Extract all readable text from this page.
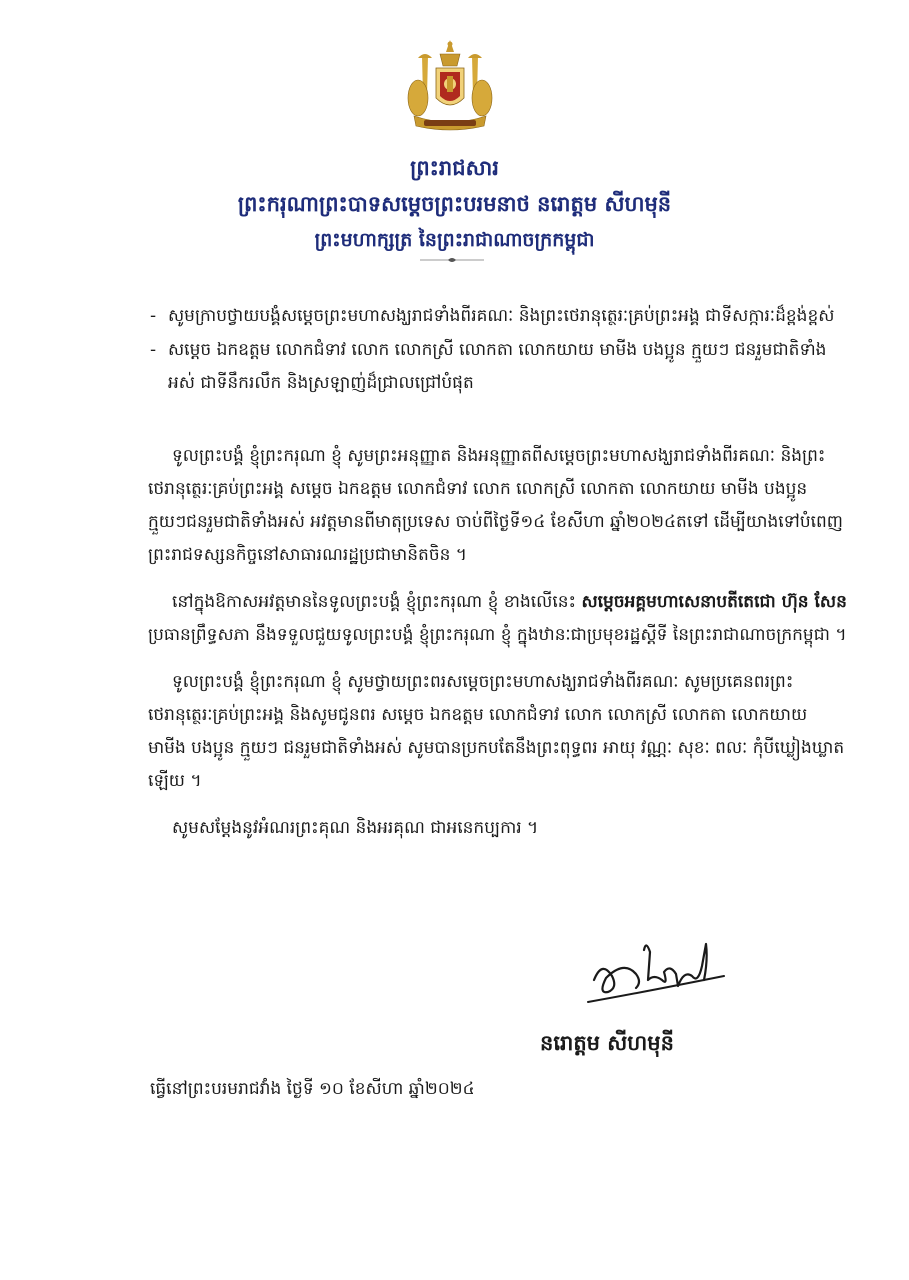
ព្រះរាជសារ
ព្រះករុណាព្រះបាទសម្តេចព្រះបរមនាថ នរោត្តម សីហមុនី
ព្រះមហាក្សត្រ នៃព្រះរាជាណាចក្រកម្ពុជា
- សូមក្រាបថ្វាយបង្គំសម្តេចព្រះមហាសង្ឃរាជទាំងពីរគណៈ និងព្រះថេរានុត្ថេរៈគ្រប់ព្រះអង្គ ជាទីសក្ការៈដ៏ខ្ពង់ខ្ពស់
- សម្តេច ឯកឧត្តម លោកជំទាវ លោក លោកស្រី លោកតា លោកយាយ មាមីង បងប្អូន ក្មួយៗ ជនរួមជាតិទាំងអស់ ជាទីនឹករលឹក និងស្រឡាញ់ដ៏ជ្រាលជ្រៅបំផុត

ទូលព្រះបង្គំ ខ្ញុំព្រះករុណា ខ្ញុំ សូមព្រះអនុញ្ញាត និងអនុញ្ញាតពីសម្តេចព្រះមហាសង្ឃរាជទាំងពីរគណៈ និងព្រះថេរានុត្ថេរៈគ្រប់ព្រះអង្គ សម្តេច ឯកឧត្តម លោកជំទាវ លោក លោកស្រី លោកតា លោកយាយ មាមីង បងប្អូន ក្មួយៗជនរួមជាតិទាំងអស់ អវត្តមានពីមាតុប្រទេស ចាប់ពីថ្ងៃទី១៤ ខែសីហា ឆ្នាំ២០២៤តទៅ ដើម្បីយាងទៅបំពេញព្រះរាជទស្សនកិច្ចនៅសាធារណរដ្ឋប្រជាមានិតចិន ។

នៅក្នុងឱកាសអវត្តមាននៃទូលព្រះបង្គំ ខ្ញុំព្រះករុណា ខ្ញុំ ខាងលើនេះ សម្តេចអគ្គមហាសេនាបតីតេជោ ហ៊ុន សែន ប្រធានព្រឹទ្ធសភា នឹងទទួលជួយទូលព្រះបង្គំ ខ្ញុំព្រះករុណា ខ្ញុំ ក្នុងឋានៈជាប្រមុខរដ្ឋស្តីទី នៃព្រះរាជាណាចក្រកម្ពុជា ។

ទូលព្រះបង្គំ ខ្ញុំព្រះករុណា ខ្ញុំ សូមថ្វាយព្រះពរសម្តេចព្រះមហាសង្ឃរាជទាំងពីរគណៈ សូមប្រគេនពរព្រះថេរានុត្ថេរៈគ្រប់ព្រះអង្គ និងសូមជូនពរ សម្តេច ឯកឧត្តម លោកជំទាវ លោក លោកស្រី លោកតា លោកយាយ មាមីង បងប្អូន ក្មួយៗ ជនរួមជាតិទាំងអស់ សូមបានប្រកបតែនឹងព្រះពុទ្ធពរ អាយុ វណ្ណៈ សុខៈ ពលៈ កុំបីឃ្លៀងឃ្លាតឡើយ ។

សូមសម្តែងនូវអំណរព្រះគុណ និងអរគុណ ជាអនេកប្បការ ។

នរោត្តម សីហមុនី
ធ្វើនៅព្រះបរមរាជវាំង ថ្ងៃទី ១០ ខែសីហា ឆ្នាំ២០២៤
